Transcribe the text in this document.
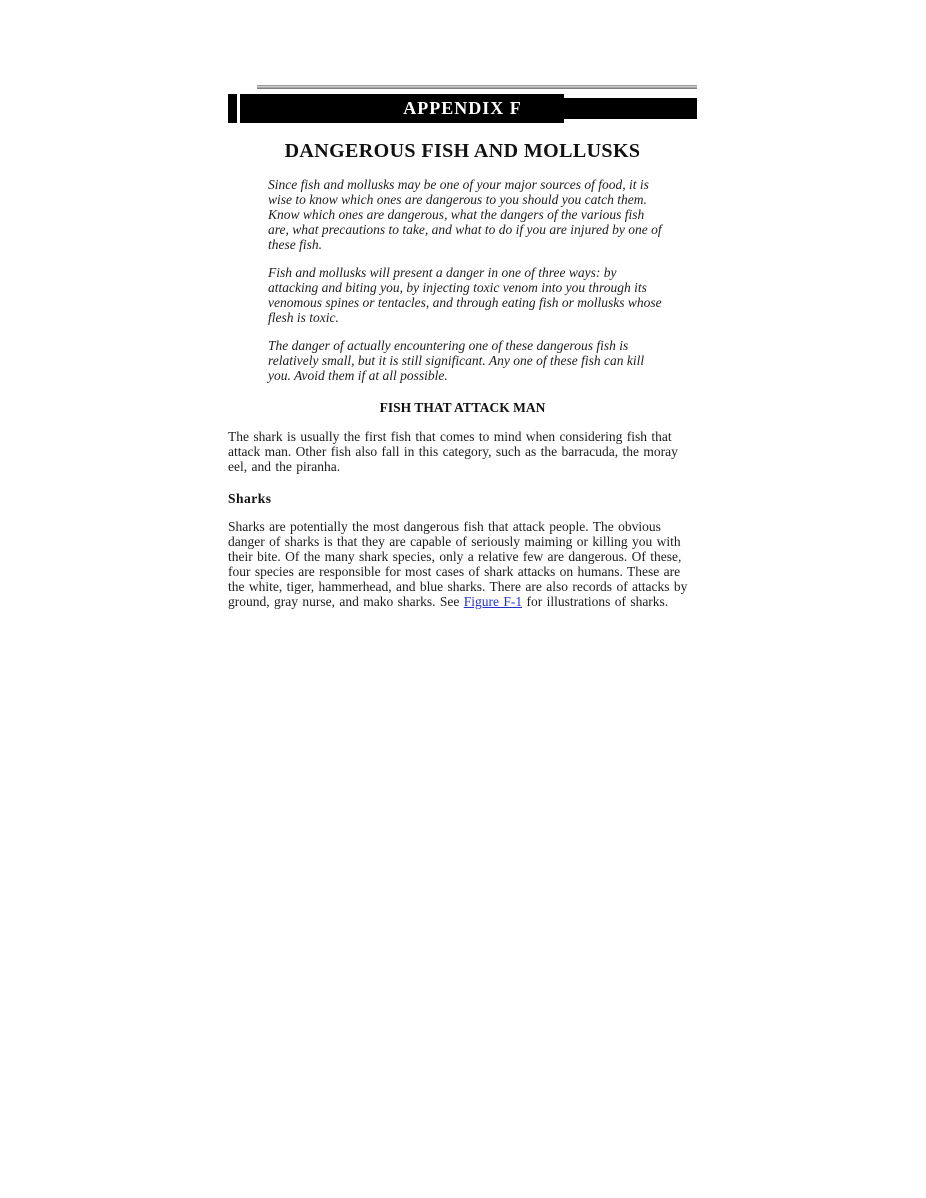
APPENDIX F
DANGEROUS FISH AND MOLLUSKS

Since fish and mollusks may be one of your major sources of food, it is wise to know which ones are dangerous to you should you catch them. Know which ones are dangerous, what the dangers of the various fish are, what precautions to take, and what to do if you are injured by one of these fish.

Fish and mollusks will present a danger in one of three ways: by attacking and biting you, by injecting toxic venom into you through its venomous spines or tentacles, and through eating fish or mollusks whose flesh is toxic.

The danger of actually encountering one of these dangerous fish is relatively small, but it is still significant. Any one of these fish can kill you. Avoid them if at all possible.

FISH THAT ATTACK MAN

The shark is usually the first fish that comes to mind when considering fish that attack man. Other fish also fall in this category, such as the barracuda, the moray eel, and the piranha.

Sharks

Sharks are potentially the most dangerous fish that attack people. The obvious danger of sharks is that they are capable of seriously maiming or killing you with their bite. Of the many shark species, only a relative few are dangerous. Of these, four species are responsible for most cases of shark attacks on humans. These are the white, tiger, hammerhead, and blue sharks. There are also records of attacks by ground, gray nurse, and mako sharks. See Figure F-1 for illustrations of sharks.
